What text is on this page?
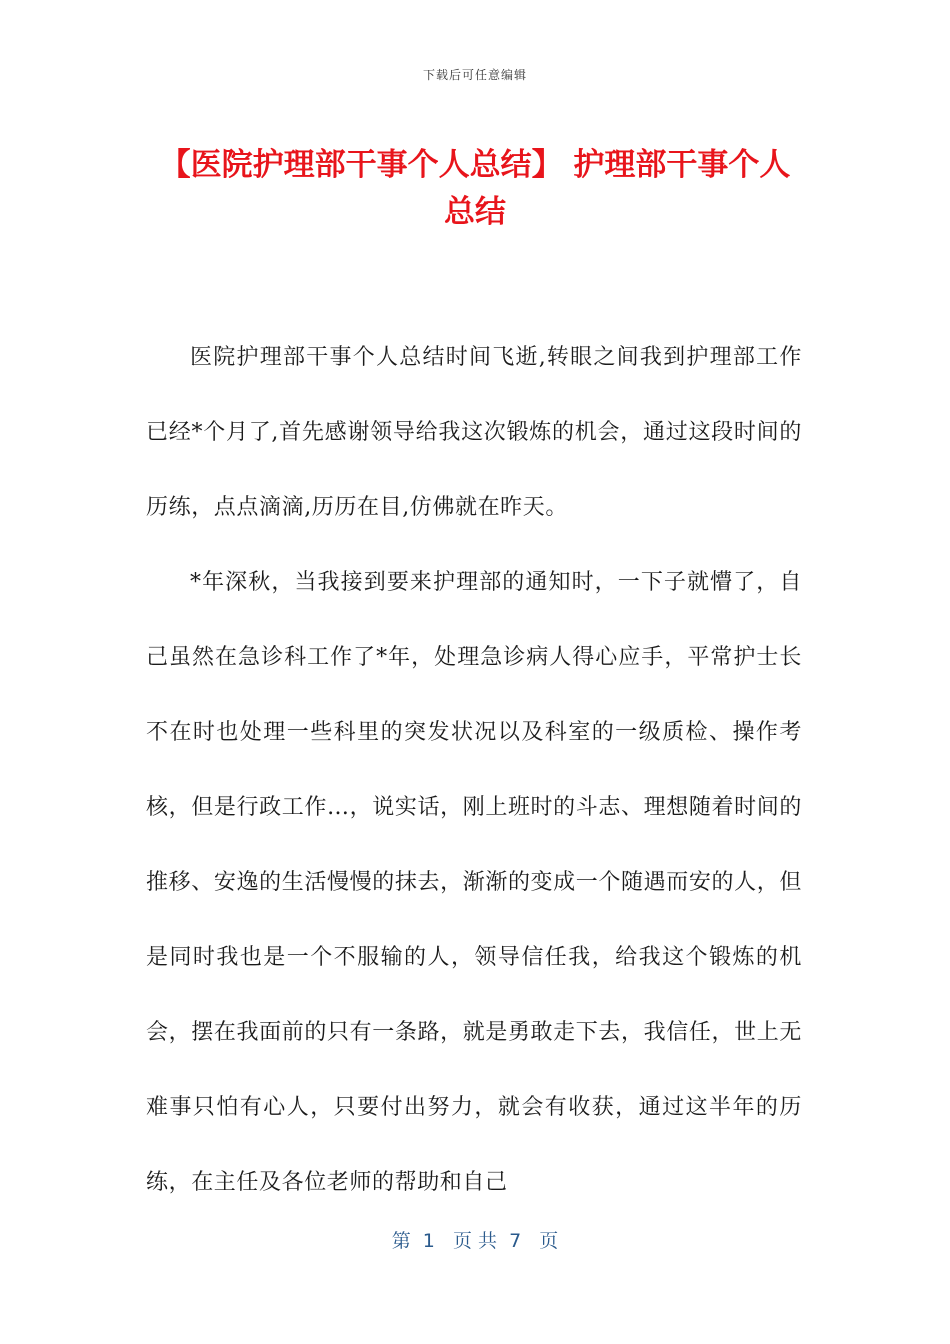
下载后可任意编辑
【医院护理部干事个人总结】 护理部干事个人总结

医院护理部干事个人总结时间飞逝,转眼之间我到护理部工作已经*个月了,首先感谢领导给我这次锻炼的机会，通过这段时间的历练，点点滴滴,历历在目,仿佛就在昨天。

*年深秋，当我接到要来护理部的通知时，一下子就懵了，自己虽然在急诊科工作了*年，处理急诊病人得心应手，平常护士长不在时也处理一些科里的突发状况以及科室的一级质检、操作考核，但是行政工作…，说实话，刚上班时的斗志、理想随着时间的推移、安逸的生活慢慢的抹去，渐渐的变成一个随遇而安的人，但是同时我也是一个不服输的人，领导信任我，给我这个锻炼的机会，摆在我面前的只有一条路，就是勇敢走下去，我信任，世上无难事只怕有心人，只要付出努力，就会有收获，通过这半年的历练，在主任及各位老师的帮助和自己

第  1   页 共  7   页
